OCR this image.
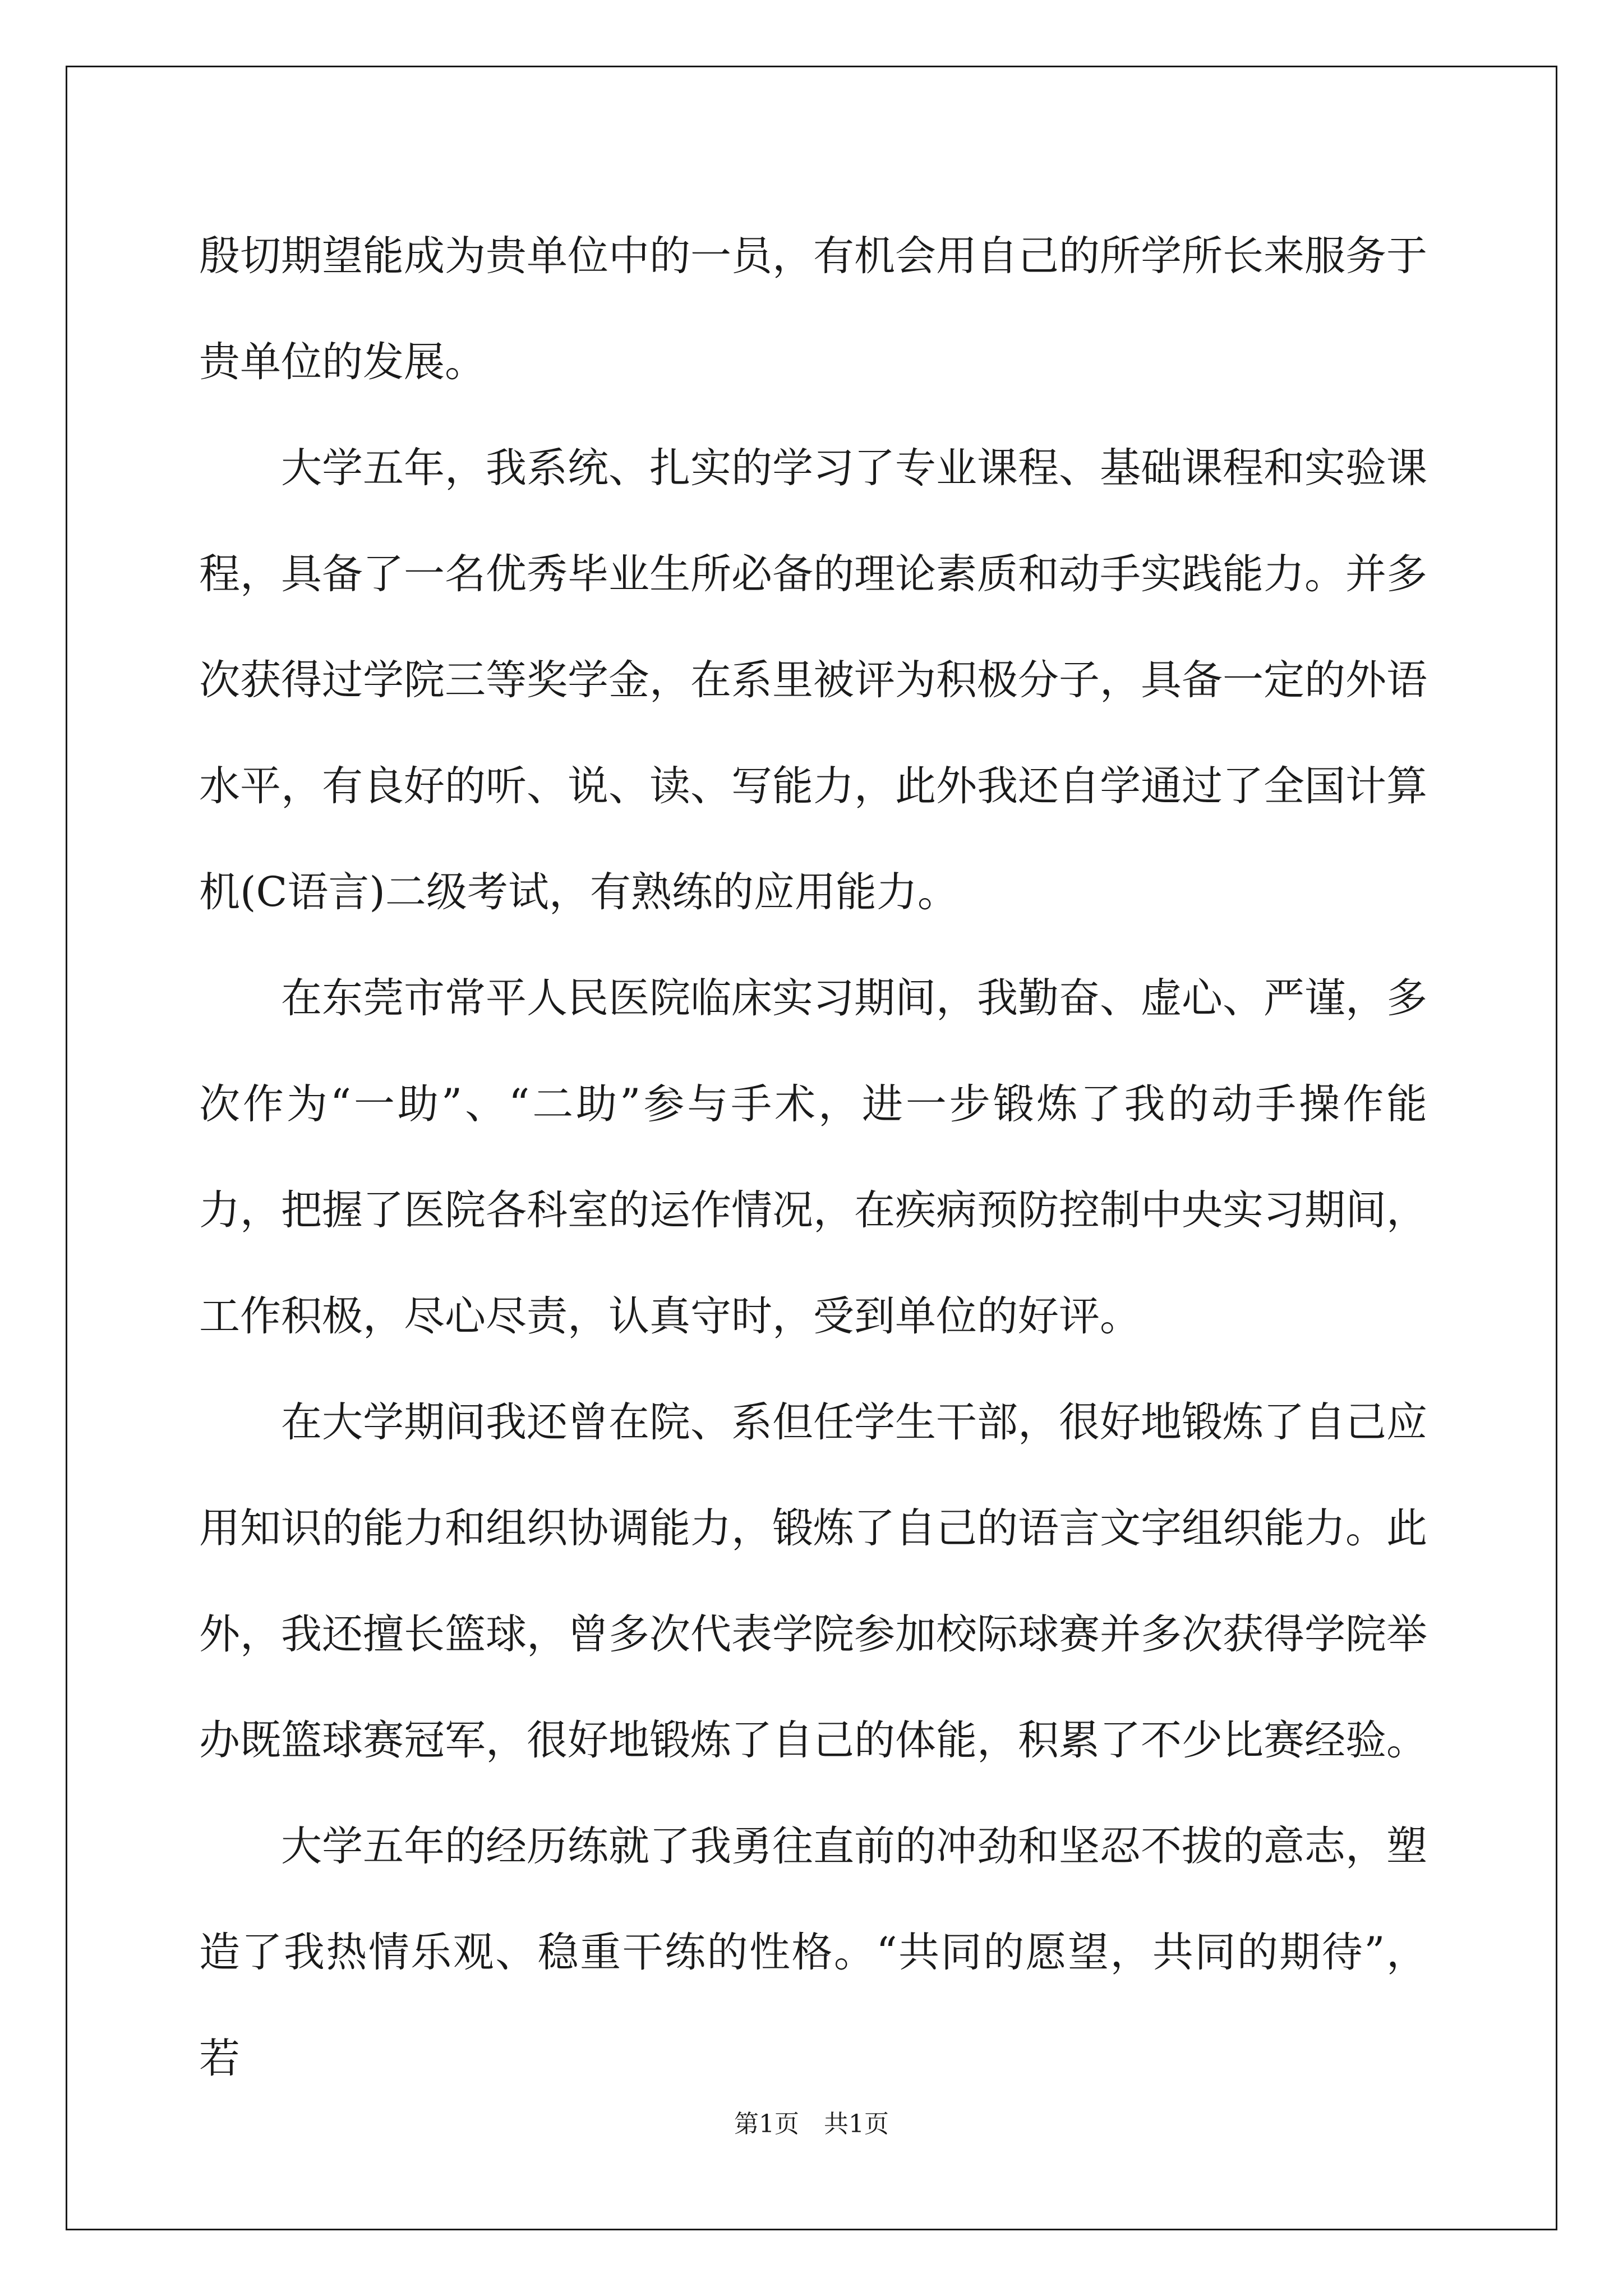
殷切期望能成为贵单位中的一员，有机会用自己的所学所长来服务于贵单位的发展。

大学五年，我系统、扎实的学习了专业课程、基础课程和实验课程，具备了一名优秀毕业生所必备的理论素质和动手实践能力。并多次获得过学院三等奖学金，在系里被评为积极分子，具备一定的外语水平，有良好的听、说、读、写能力，此外我还自学通过了全国计算机(C语言)二级考试，有熟练的应用能力。

在东莞市常平人民医院临床实习期间，我勤奋、虚心、严谨，多次作为“一助”、“二助”参与手术，进一步锻炼了我的动手操作能力，把握了医院各科室的运作情况，在疾病预防控制中央实习期间，工作积极，尽心尽责，认真守时，受到单位的好评。

在大学期间我还曾在院、系但任学生干部，很好地锻炼了自己应用知识的能力和组织协调能力，锻炼了自己的语言文字组织能力。此外，我还擅长篮球，曾多次代表学院参加校际球赛并多次获得学院举办既篮球赛冠军，很好地锻炼了自己的体能，积累了不少比赛经验。

大学五年的经历练就了我勇往直前的冲劲和坚忍不拔的意志，塑造了我热情乐观、稳重干练的性格。“共同的愿望，共同的期待”，若

第1页 共1页
